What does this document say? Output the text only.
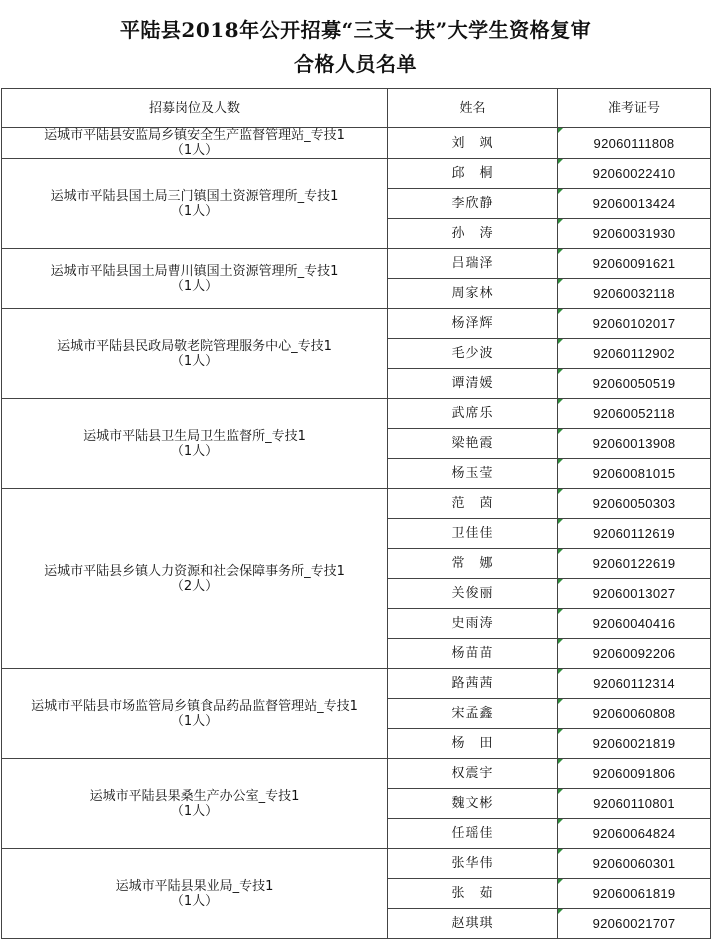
平陆县2018年公开招募“三支一扶”大学生资格复审
合格人员名单
招募岗位及人数	姓名	准考证号

运城市平陆县安监局乡镇安全生产监督管理站_专技1
（1人）	刘　飒	92060111808

运城市平陆县国土局三门镇国土资源管理所_专技1
（1人）	邱　桐	92060022410
	李欣静	92060013424
	孙　涛	92060031930

运城市平陆县国土局曹川镇国土资源管理所_专技1
（1人）	吕瑞泽	92060091621
	周家林	92060032118

运城市平陆县民政局敬老院管理服务中心_专技1
（1人）	杨泽辉	92060102017
	毛少波	92060112902
	谭清媛	92060050519

运城市平陆县卫生局卫生监督所_专技1
（1人）	武席乐	92060052118
	梁艳霞	92060013908
	杨玉莹	92060081015

运城市平陆县乡镇人力资源和社会保障事务所_专技1
（2人）	范　茵	92060050303
	卫佳佳	92060112619
	常　娜	92060122619
	关俊丽	92060013027
	史雨涛	92060040416
	杨苗苗	92060092206

运城市平陆县市场监管局乡镇食品药品监督管理站_专技1
（1人）	路茜茜	92060112314
	宋孟鑫	92060060808
	杨　田	92060021819

运城市平陆县果桑生产办公室_专技1
（1人）	权震宇	92060091806
	魏文彬	92060110801
	任瑶佳	92060064824

运城市平陆县果业局_专技1
（1人）	张华伟	92060060301
	张　茹	92060061819
	赵琪琪	92060021707
